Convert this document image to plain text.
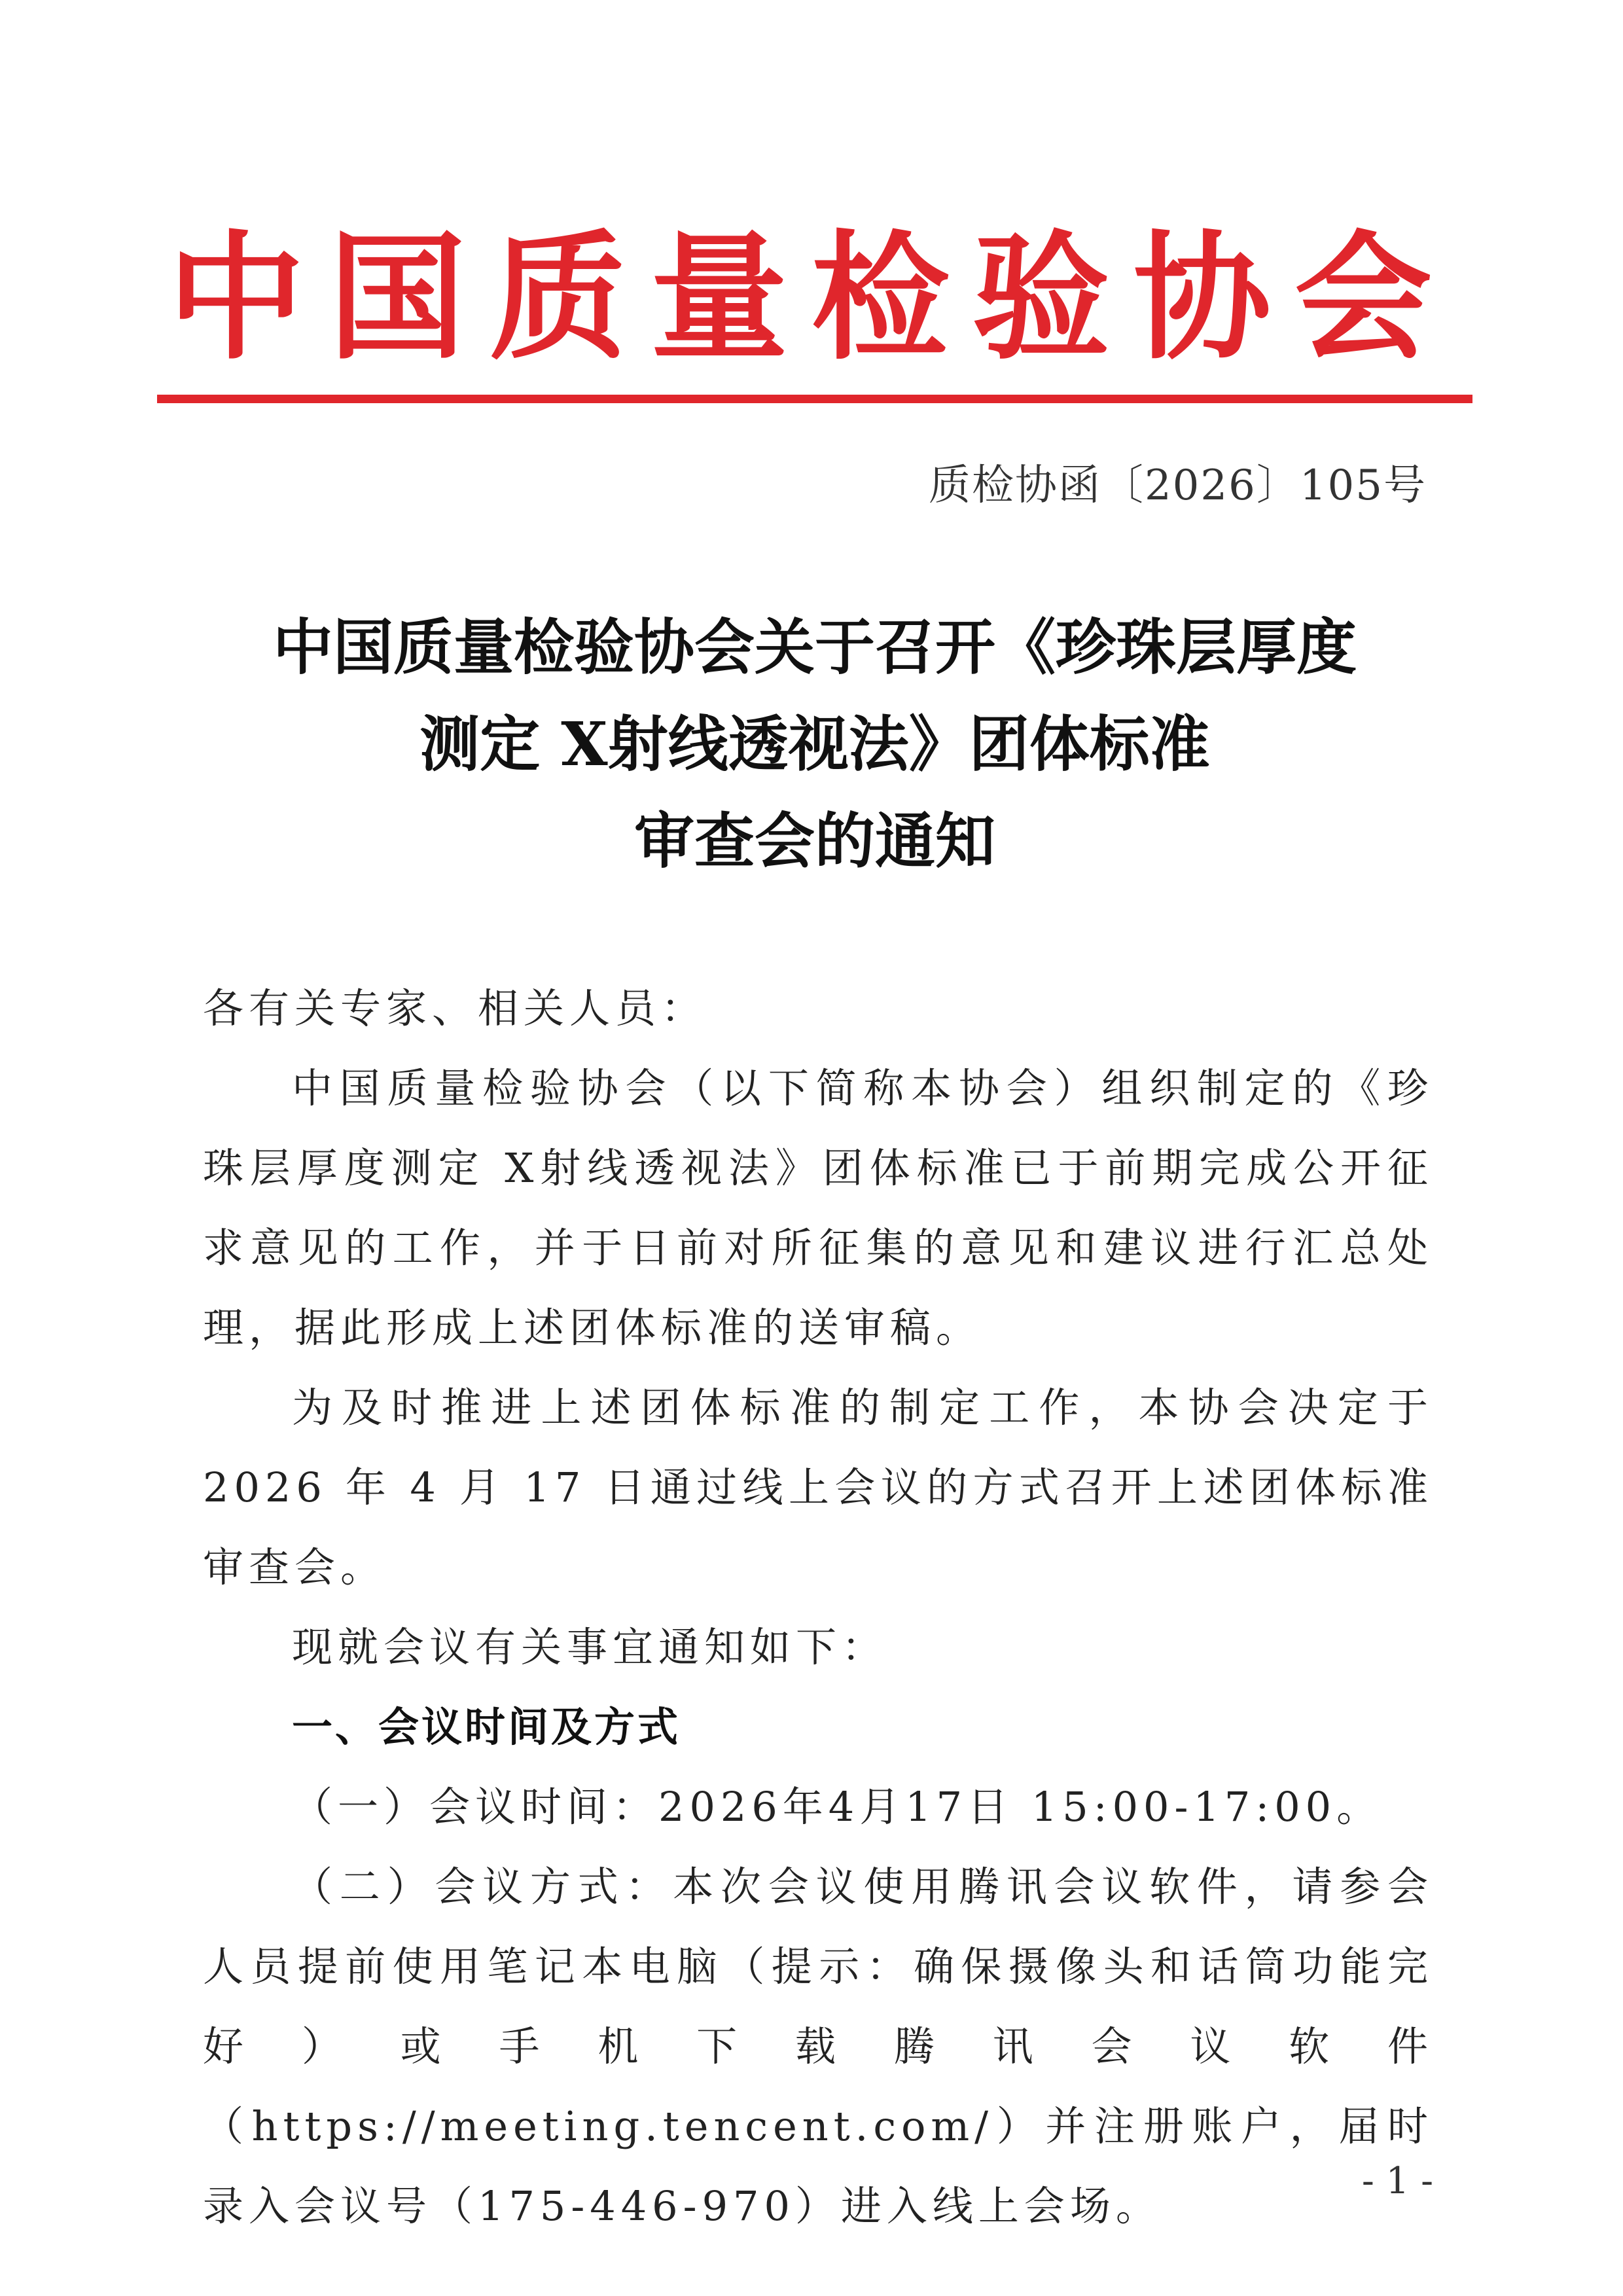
中国质量检验协会
质检协函〔2026〕105号
中国质量检验协会关于召开《珍珠层厚度
测定 X射线透视法》团体标准
审查会的通知
各有关专家、相关人员：

中国质量检验协会（以下简称本协会）组织制定的《珍珠层厚度测定 X射线透视法》团体标准已于前期完成公开征求意见的工作，并于日前对所征集的意见和建议进行汇总处理，据此形成上述团体标准的送审稿。

为及时推进上述团体标准的制定工作，本协会决定于 2026 年 4 月 17 日通过线上会议的方式召开上述团体标准审查会。

现就会议有关事宜通知如下：

一、会议时间及方式

（一）会议时间：2026年4月17日 15:00-17:00。

（二）会议方式：本次会议使用腾讯会议软件，请参会人员提前使用笔记本电脑（提示：确保摄像头和话筒功能完好）或手机下载腾讯会议软件（https://meeting.tencent.com/）并注册账户，届时录入会议号（175-446-970）进入线上会场。

- 1 -
